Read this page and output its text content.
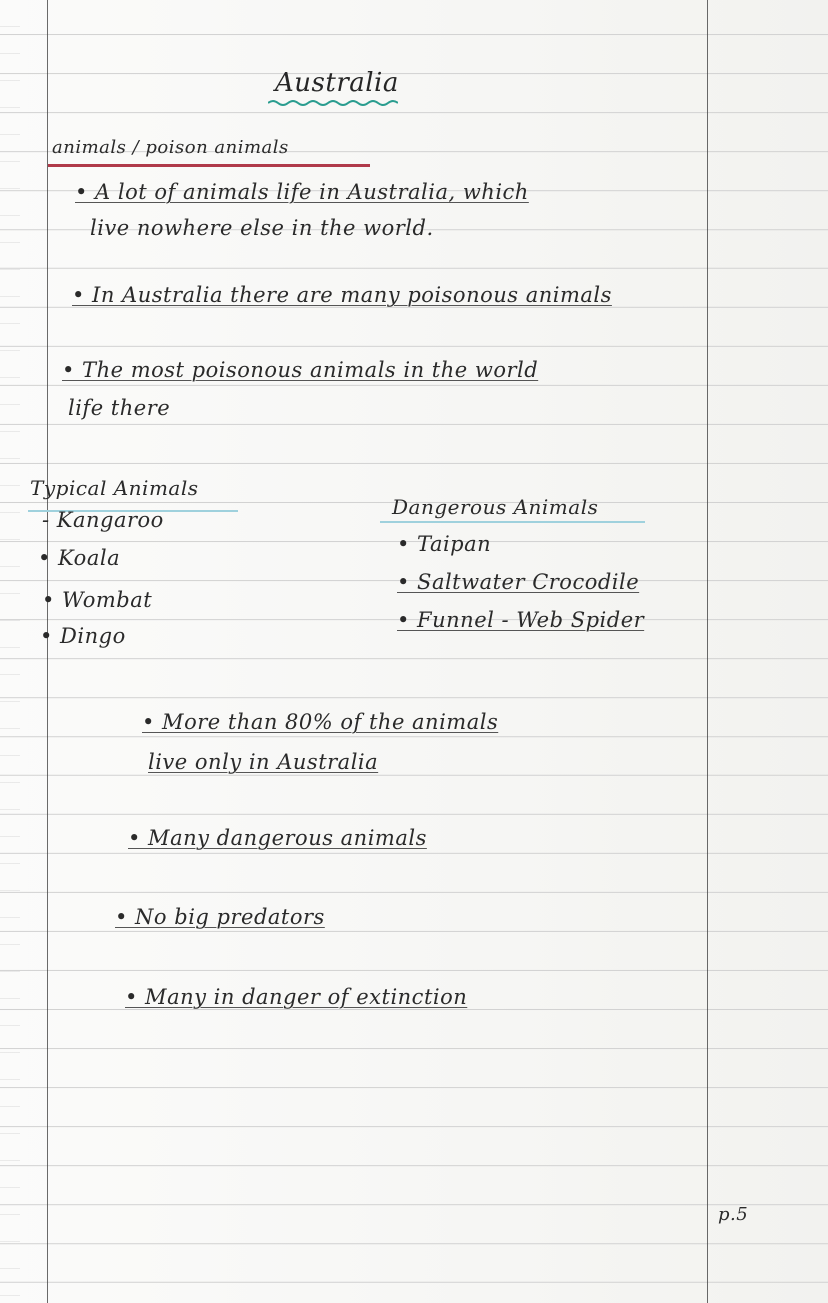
Australia
animals / poison animals
• A lot of animals life in Australia, which
live nowhere else in the world.
• In Australia there are many poisonous animals
• The most poisonous animals in the world
life there
Typical Animals
- Kangaroo
• Koala
• Wombat
• Dingo
Dangerous Animals
• Taipan
• Saltwater Crocodile
• Funnel - Web Spider
• More than 80% of the animals
live only in Australia
• Many dangerous animals
• No big predators
• Many in danger of extinction
p.5
